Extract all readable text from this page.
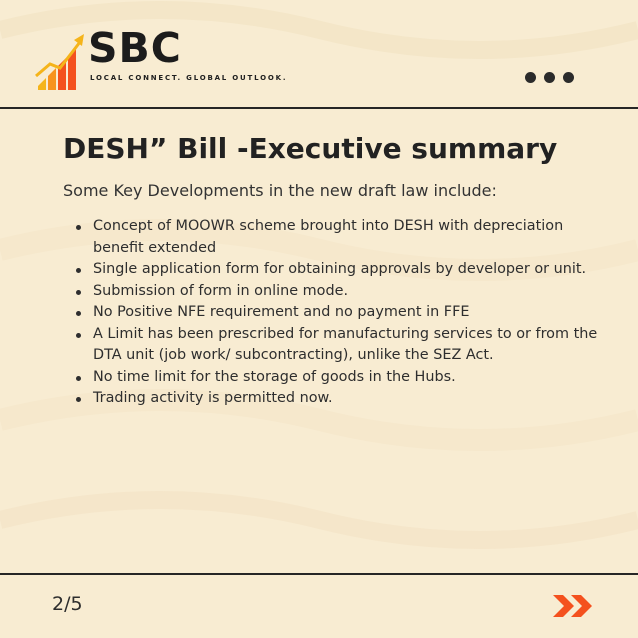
SBC
LOCAL CONNECT. GLOBAL OUTLOOK.
DESH” Bill -Executive summary
Some Key Developments in the new draft law include:
Concept of MOOWR scheme brought into DESH with depreciation benefit extended
Single application form for obtaining approvals by developer or unit.
Submission of form in online mode.
No Positive NFE requirement and no payment in FFE
A Limit has been prescribed for manufacturing services to or from the DTA unit (job work/ subcontracting), unlike the SEZ Act.
No time limit for the storage of goods in the Hubs.
Trading activity is permitted now.
2/5
